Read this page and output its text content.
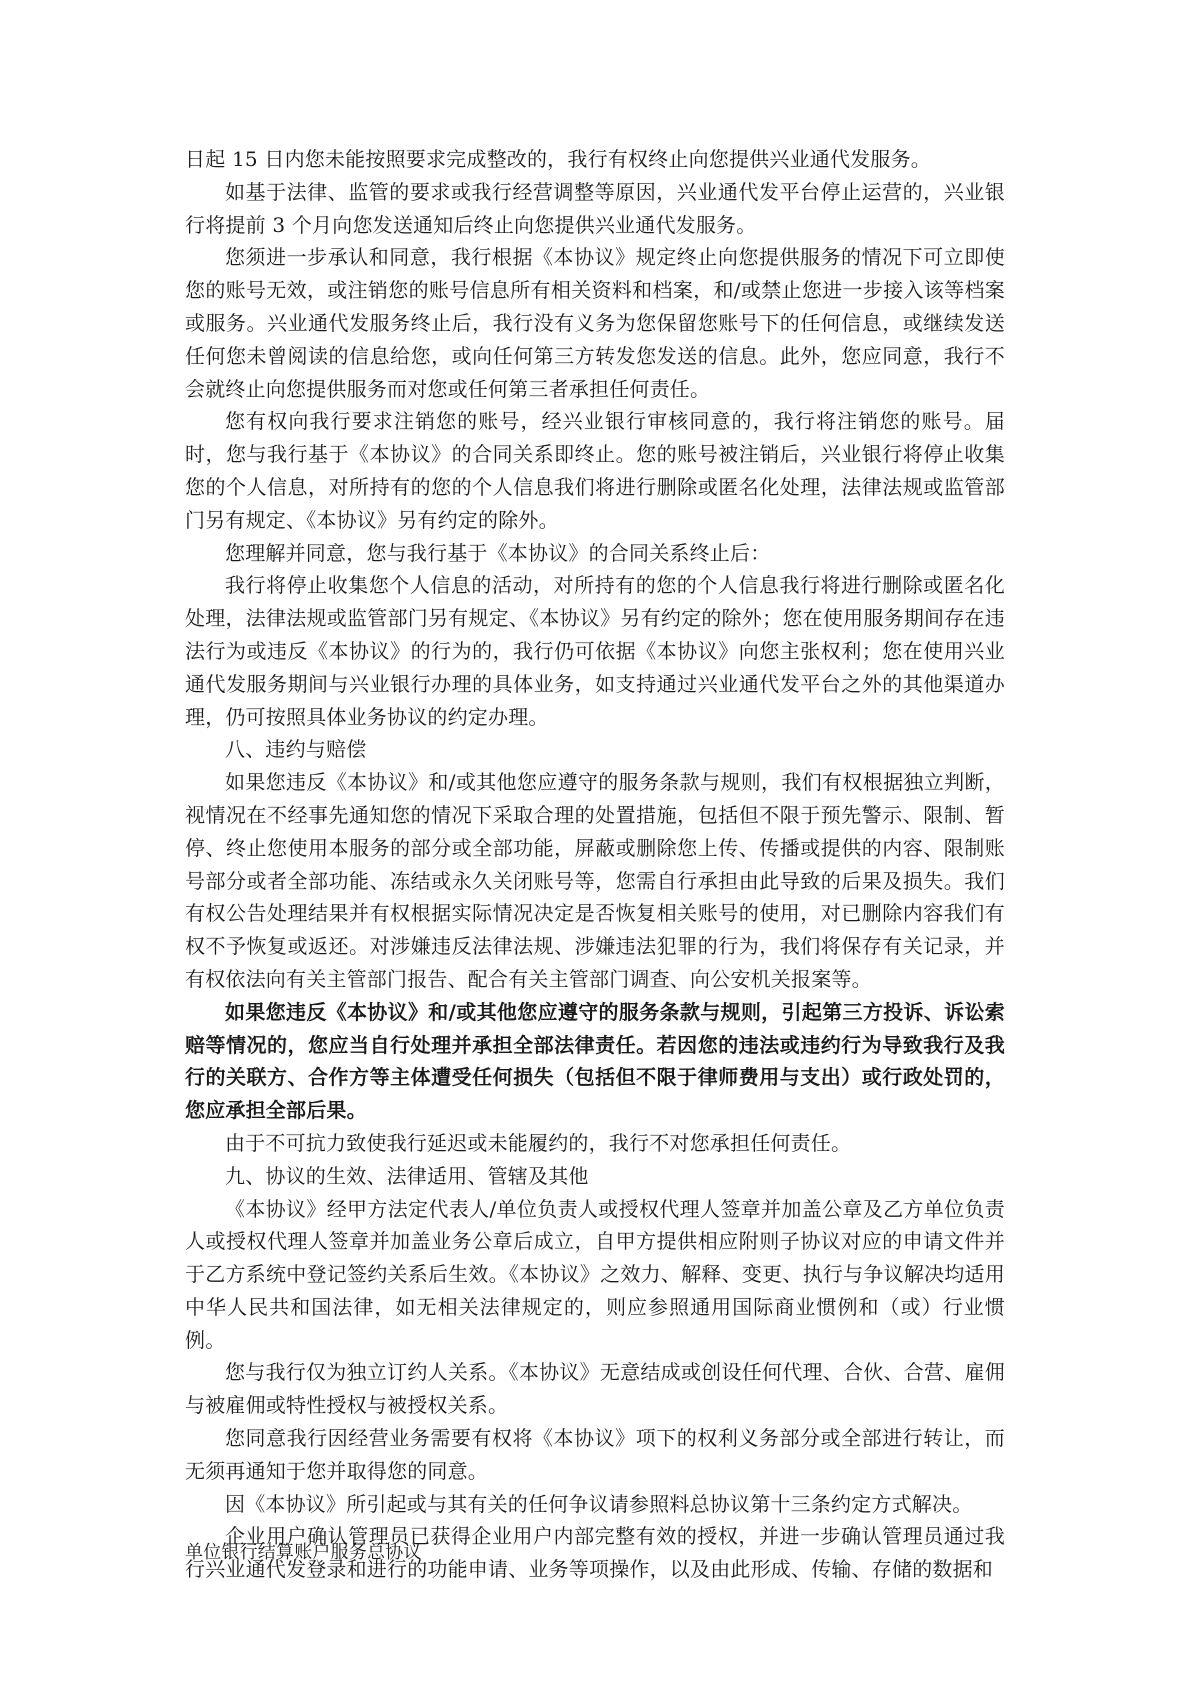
日起 15 日内您未能按照要求完成整改的，我行有权终止向您提供兴业通代发服务。

如基于法律、监管的要求或我行经营调整等原因，兴业通代发平台停止运营的，兴业银行将提前 3 个月向您发送通知后终止向您提供兴业通代发服务。

您须进一步承认和同意，我行根据《本协议》规定终止向您提供服务的情况下可立即使您的账号无效，或注销您的账号信息所有相关资料和档案，和/或禁止您进一步接入该等档案或服务。兴业通代发服务终止后，我行没有义务为您保留您账号下的任何信息，或继续发送任何您未曾阅读的信息给您，或向任何第三方转发您发送的信息。此外，您应同意，我行不会就终止向您提供服务而对您或任何第三者承担任何责任。

您有权向我行要求注销您的账号，经兴业银行审核同意的，我行将注销您的账号。届时，您与我行基于《本协议》的合同关系即终止。您的账号被注销后，兴业银行将停止收集您的个人信息，对所持有的您的个人信息我们将进行删除或匿名化处理，法律法规或监管部门另有规定、《本协议》另有约定的除外。

您理解并同意，您与我行基于《本协议》的合同关系终止后：

我行将停止收集您个人信息的活动，对所持有的您的个人信息我行将进行删除或匿名化处理，法律法规或监管部门另有规定、《本协议》另有约定的除外；您在使用服务期间存在违法行为或违反《本协议》的行为的，我行仍可依据《本协议》向您主张权利；您在使用兴业通代发服务期间与兴业银行办理的具体业务，如支持通过兴业通代发平台之外的其他渠道办理，仍可按照具体业务协议的约定办理。

八、违约与赔偿

如果您违反《本协议》和/或其他您应遵守的服务条款与规则，我们有权根据独立判断，视情况在不经事先通知您的情况下采取合理的处置措施，包括但不限于预先警示、限制、暂停、终止您使用本服务的部分或全部功能，屏蔽或删除您上传、传播或提供的内容、限制账号部分或者全部功能、冻结或永久关闭账号等，您需自行承担由此导致的后果及损失。我们有权公告处理结果并有权根据实际情况决定是否恢复相关账号的使用，对已删除内容我们有权不予恢复或返还。对涉嫌违反法律法规、涉嫌违法犯罪的行为，我们将保存有关记录，并有权依法向有关主管部门报告、配合有关主管部门调查、向公安机关报案等。

如果您违反《本协议》和/或其他您应遵守的服务条款与规则，引起第三方投诉、诉讼索赔等情况的，您应当自行处理并承担全部法律责任。若因您的违法或违约行为导致我行及我行的关联方、合作方等主体遭受任何损失（包括但不限于律师费用与支出）或行政处罚的，您应承担全部后果。

由于不可抗力致使我行延迟或未能履约的，我行不对您承担任何责任。

九、协议的生效、法律适用、管辖及其他

《本协议》经甲方法定代表人/单位负责人或授权代理人签章并加盖公章及乙方单位负责人或授权代理人签章并加盖业务公章后成立，自甲方提供相应附则子协议对应的申请文件并于乙方系统中登记签约关系后生效。《本协议》之效力、解释、变更、执行与争议解决均适用中华人民共和国法律，如无相关法律规定的，则应参照通用国际商业惯例和（或）行业惯例。

您与我行仅为独立订约人关系。《本协议》无意结成或创设任何代理、合伙、合营、雇佣与被雇佣或特性授权与被授权关系。

您同意我行因经营业务需要有权将《本协议》项下的权利义务部分或全部进行转让，而无须再通知于您并取得您的同意。

因《本协议》所引起或与其有关的任何争议请参照料总协议第十三条约定方式解决。

企业用户确认管理员已获得企业用户内部完整有效的授权，并进一步确认管理员通过我行兴业通代发登录和进行的功能申请、业务等项操作，以及由此形成、传输、存储的数据和

单位银行结算账户服务总协议
